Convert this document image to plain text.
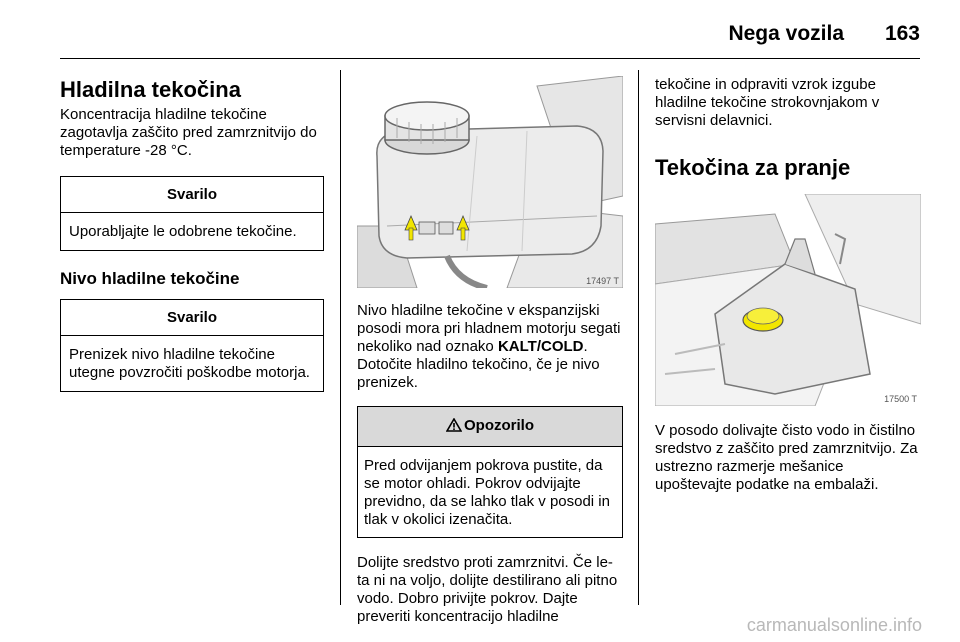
Nega vozila 163
Hladilna tekočina

Koncentracija hladilne tekočine zagotavlja zaščito pred zamrznitvijo do temperature -28 °C.

Svarilo
Uporabljajte le odobrene tekočine.
Nivo hladilne tekočine
Svarilo
Prenizek nivo hladilne tekočine utegne povzročiti poškodbe motorja.
17497 T

Nivo hladilne tekočine v ekspanzijski posodi mora pri hladnem motorju segati nekoliko nad oznako KALT/COLD. Dotočite hladilno tekočino, če je nivo prenizek.

Opozorilo
Pred odvijanjem pokrova pustite, da se motor ohladi. Pokrov odvijajte previdno, da se lahko tlak v posodi in tlak v okolici izenačita.

Dolijte sredstvo proti zamrznitvi. Če le-ta ni na voljo, dolijte destilirano ali pitno vodo. Dobro privijte pokrov. Dajte preveriti koncentracijo hladilne

tekočine in odpraviti vzrok izgube hladilne tekočine strokovnjakom v servisni delavnici.

Tekočina za pranje
17500 T

V posodo dolivajte čisto vodo in čistilno sredstvo z zaščito pred zamrznitvijo. Za ustrezno razmerje mešanice upoštevajte podatke na embalaži.

carmanualsonline.info
